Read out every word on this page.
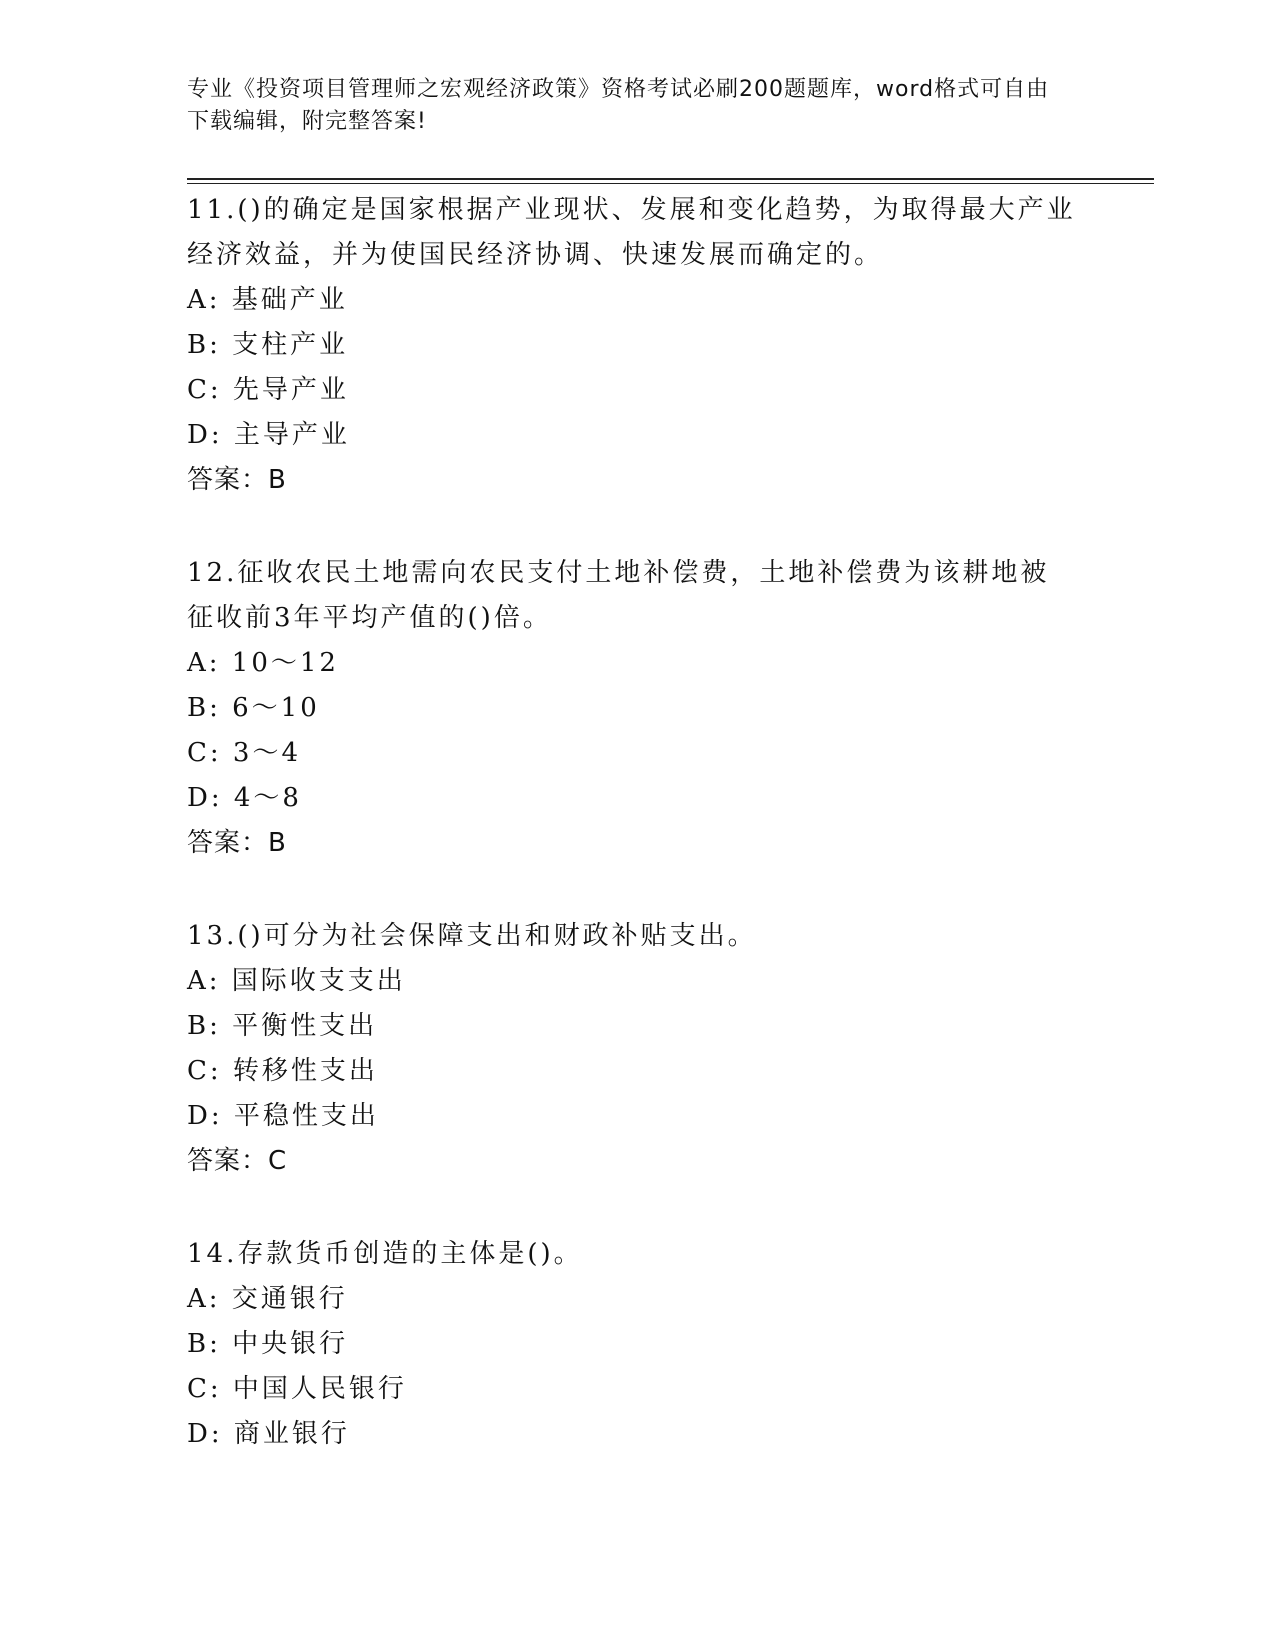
专业《投资项目管理师之宏观经济政策》资格考试必刷200题题库，word格式可自由下载编辑，附完整答案!
11.()的确定是国家根据产业现状、发展和变化趋势，为取得最大产业经济效益，并为使国民经济协调、快速发展而确定的。
A: 基础产业
B: 支柱产业
C: 先导产业
D: 主导产业
答案：B
12.征收农民土地需向农民支付土地补偿费，土地补偿费为该耕地被征收前3年平均产值的()倍。
A: 10～12
B: 6～10
C: 3～4
D: 4～8
答案：B
13.()可分为社会保障支出和财政补贴支出。
A: 国际收支支出
B: 平衡性支出
C: 转移性支出
D: 平稳性支出
答案：C
14.存款货币创造的主体是()。
A: 交通银行
B: 中央银行
C: 中国人民银行
D: 商业银行
